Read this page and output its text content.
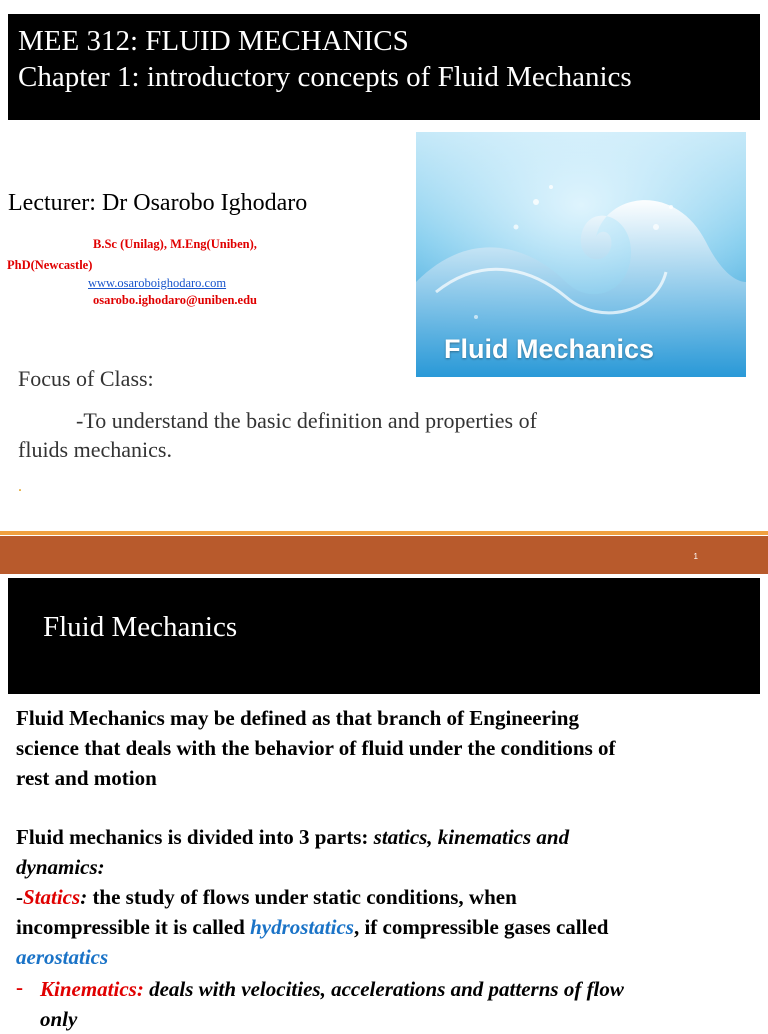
MEE 312: FLUID MECHANICS
Chapter 1: introductory concepts of Fluid Mechanics
Lecturer: Dr Osarobo Ighodaro
B.Sc (Unilag), M.Eng(Uniben),
PhD(Newcastle)
www.osaroboighodaro.com
osarobo.ighodaro@uniben.edu
Fluid Mechanics
Focus of Class:
-To understand the basic definition and properties of
fluids mechanics.
.
1
Fluid Mechanics
Fluid Mechanics may be defined as that branch of Engineering
science that deals with the behavior of fluid under the conditions of
rest and motion
Fluid mechanics is divided into 3 parts: statics, kinematics and
dynamics:
-Statics: the study of flows under static conditions, when
incompressible it is called hydrostatics, if compressible gases called
aerostatics
- Kinematics: deals with velocities, accelerations and patterns of flow
only
